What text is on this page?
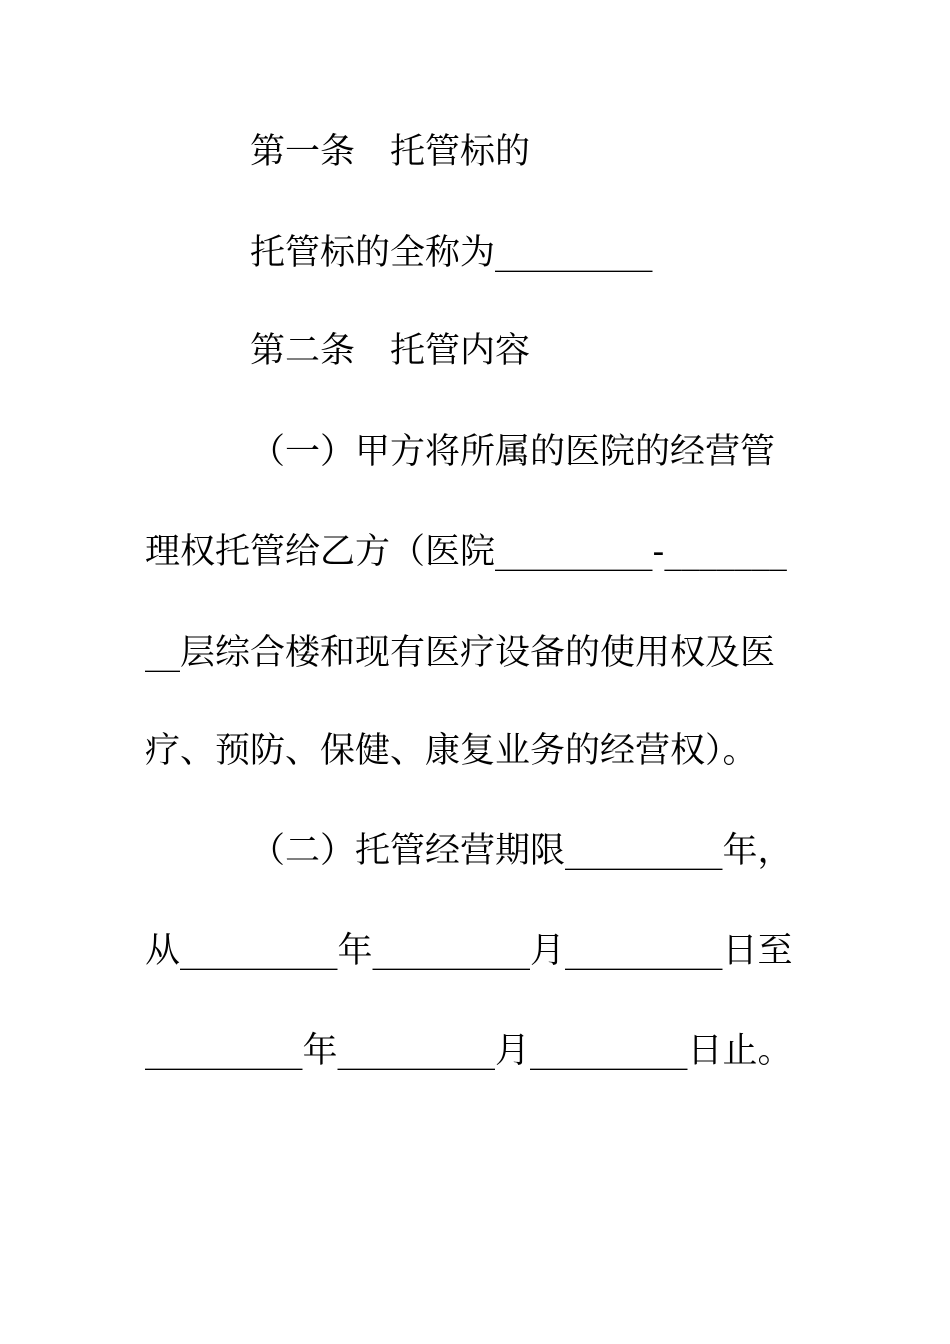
第一条　托管标的
托管标的全称为_________
第二条　托管内容
（一）甲方将所属的医院的经营管
理权托管给乙方（医院_________-_______
__层综合楼和现有医疗设备的使用权及医
疗、预防、保健、康复业务的经营权）。
（二）托管经营期限_________年，
从_________年_________月_________日至
_________年_________月_________日止。
